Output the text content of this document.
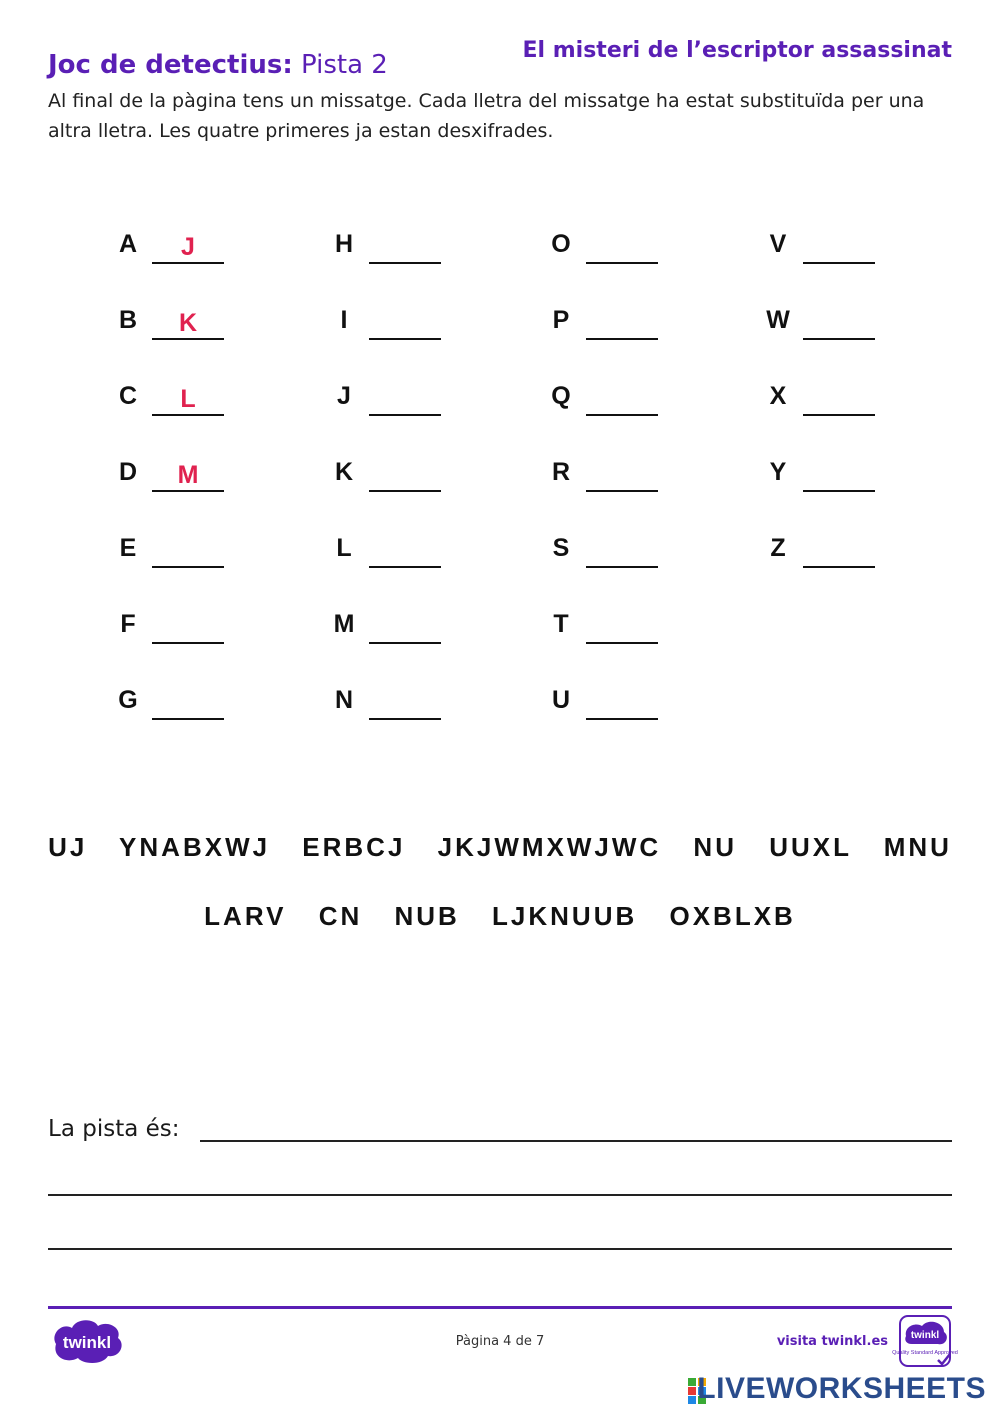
Joc de detectius: Pista 2	El misteri de l’escriptor assassinat
Al final de la pàgina tens un missatge. Cada lletra del missatge ha estat substituïda per una altra lletra. Les quatre primeres ja estan desxifrades.
A	J
B	K
C	L
D	M
E
F
G
H
I
J
K
L
M
N
O
P
Q
R
S
T
U
V
W
X
Y
Z
UJ YNABXWJ ERBCJ JKJWMXWJWC NU UUXL MNU
LARV CN NUB LJKNUUB OXBLXB
La pista és:
twinkl	Pàgina 4 de 7	visita twinkl.es twinkl
Quality Standard Approved
LIVEWORKSHEETS
